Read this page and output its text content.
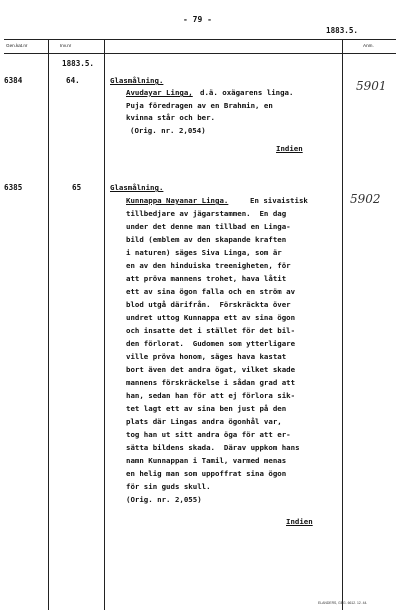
- 79 -
1883.5.
Gen.kat.nr	Inv.nr	Anm.
1883.5.
6384	64.	Glasmålning.
Avudayar Linga, d.ä. oxägarens linga.
Puja föredragen av en Brahmin, en
kvinna står och ber.
(Orig. nr. 2,054)
Indien
5901
6385	65	Glasmålning.
Kunnappa Nayanar Linga.	En sivaistisk
tillbedjare av jägarstammen.  En dag
under det denne man tillbad en Linga-
bild (emblem av den skapande kraften
i naturen) säges Siva Linga, som är
en av den hinduiska treenigheten, för
att pröva mannens trohet, hava låtit
ett av sina ögon falla och en ström av
blod utgå därifrån.  Förskräckta över
undret uttog Kunnappa ett av sina ögon
och insatte det i stället för det bil-
den förlorat.  Gudomen som ytterligare
ville pröva honom, säges hava kastat
bort även det andra ögat, vilket skade
mannens förskräckelse i sådan grad att
han, sedan han för att ej förlora sik-
tet lagt ett av sina ben just på den
plats där Lingas andra ögonhål var,
tog han ut sitt andra öga för att er-
sätta bildens skada.  Därav uppkom hans
namn Kunnappan i Tamil, varmed menas
en helig man som uppoffrat sina ögon
för sin guds skull.
(Orig. nr. 2,055)
Indien
5902
ELANDERS, GBG. 6612. 12. 44.
